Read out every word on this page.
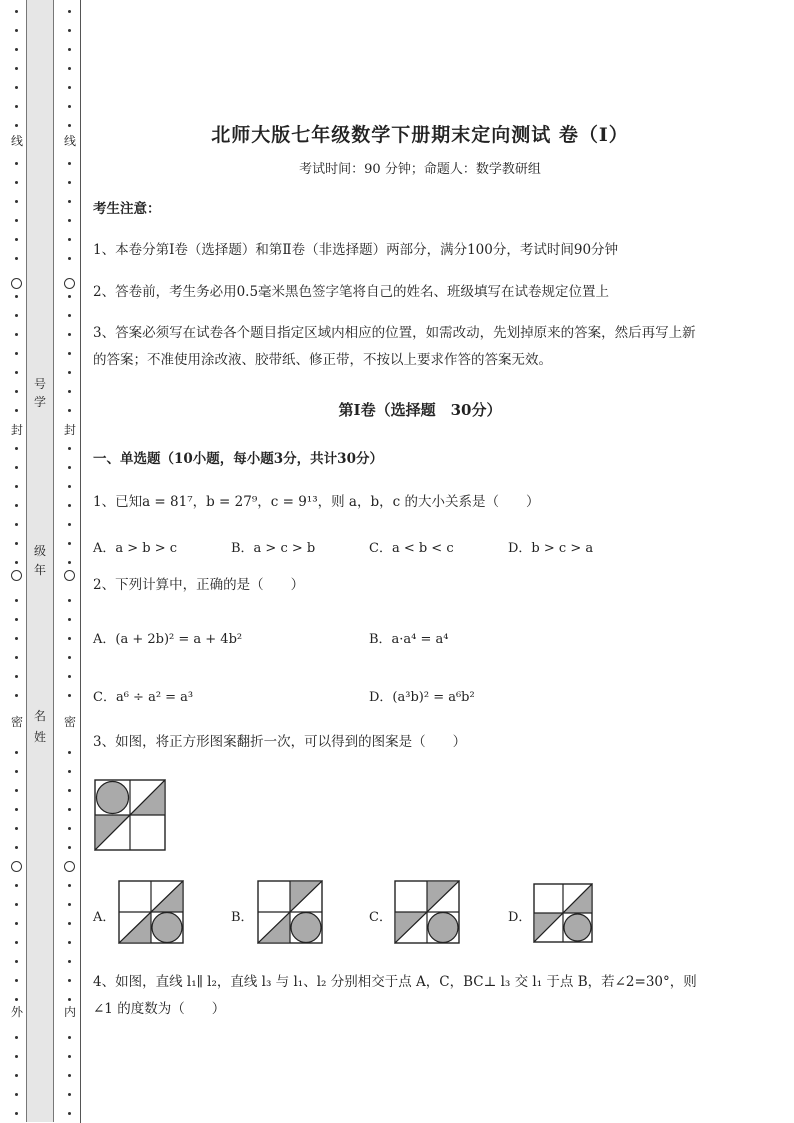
线
封
密
外
线
封
密
内
号
学
级
年
名
姓
北师大版七年级数学下册期末定向测试 卷（Ⅰ）
考试时间：90 分钟；命题人：数学教研组
考生注意：
1、本卷分第Ⅰ卷（选择题）和第Ⅱ卷（非选择题）两部分，满分100分，考试时间90分钟
2、答卷前，考生务必用0.5毫米黑色签字笔将自己的姓名、班级填写在试卷规定位置上
3、答案必须写在试卷各个题目指定区域内相应的位置，如需改动，先划掉原来的答案，然后再写上新
的答案；不准使用涂改液、胶带纸、修正带，不按以上要求作答的答案无效。
第Ⅰ卷（选择题　30分）
一、单选题（10小题，每小题3分，共计30分）
1、已知a = 81⁷，b = 27⁹，c = 9¹³，则 a，b，c 的大小关系是（　　）
A．a > b > c	B．a > c > b	C．a < b < c	D．b > c > a
2、下列计算中，正确的是（　　）
A．(a + 2b)² = a + 4b²	B．a·a⁴ = a⁴
C．a⁶ ÷ a² = a³	D．(a³b)² = a⁶b²
3、如图，将正方形图案翻折一次，可以得到的图案是（　　）
A．	B．	C．	D．
4、如图，直线 l₁∥ l₂，直线 l₃ 与 l₁、l₂ 分别相交于点 A，C，BC⊥ l₃ 交 l₁ 于点 B，若∠2=30°，则
∠1 的度数为（　　）
